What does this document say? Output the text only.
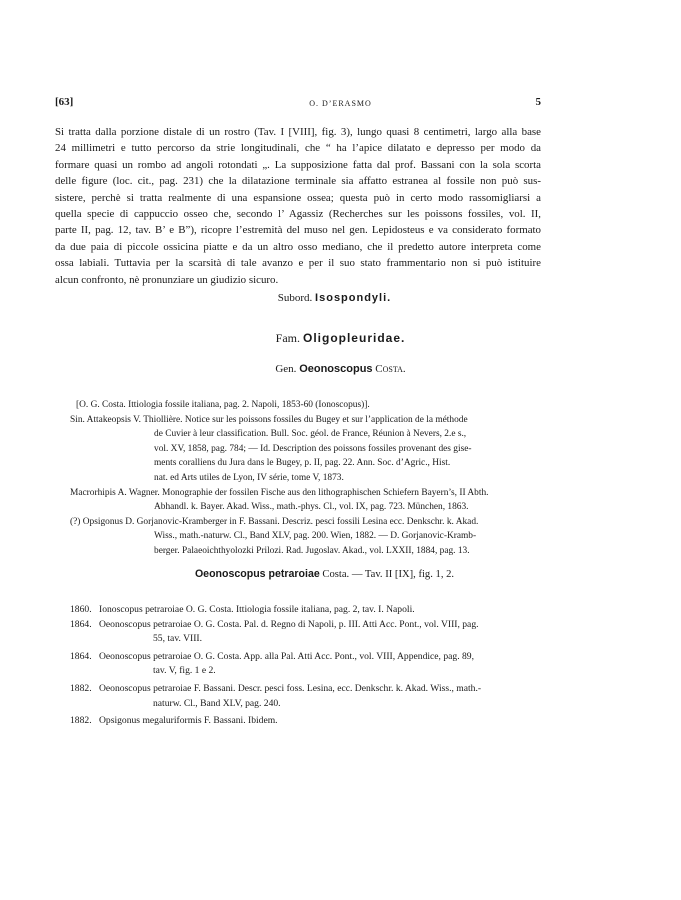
[63]	O. D’ERASMO	5
Si tratta dalla porzione distale di un rostro (Tav. I [VIII], fig. 3), lungo quasi 8 centimetri, largo alla base
24 millimetri e tutto percorso da strie longitudinali, che “ ha l’apice dilatato e depresso per modo da
formare quasi un rombo ad angoli rotondati „. La supposizione fatta dal prof. Bassani con la sola scorta
delle figure (loc. cit., pag. 231) che la dilatazione terminale sia affatto estranea al fossile non può sus-
sistere, perchè si tratta realmente di una espansione ossea; questa può in certo modo rassomigliarsi a
quella specie di cappuccio osseo che, secondo l’ Agassiz (Recherches sur les poissons fossiles, vol. II,
parte II, pag. 12, tav. B’ e B”), ricopre l’estremità del muso nel gen. Lepidosteus e va considerato formato
da due paia di piccole ossicina piatte e da un altro osso mediano, che il predetto autore interpreta come
ossa labiali. Tuttavia per la scarsità di tale avanzo e per il suo stato frammentario non si può istituire
alcun confronto, nè pronunziare un giudizio sicuro.
Subord. Isospondyli.
Fam. Oligopleuridae.
Gen. Oeonoscopus Costa.
[O. G. Costa. Ittiologia fossile italiana, pag. 2. Napoli, 1853-60 (Ionoscopus)].
Sin. Attakeopsis V. Thiollière. Notice sur les poissons fossiles du Bugey et sur l’application de la méthode
de Cuvier à leur classification. Bull. Soc. géol. de France, Réunion à Nevers, 2.e s.,
vol. XV, 1858, pag. 784; — Id. Description des poissons fossiles provenant des gise-
ments coralliens du Jura dans le Bugey, p. II, pag. 22. Ann. Soc. d’Agric., Hist.
nat. ed Arts utiles de Lyon, IV série, tome V, 1873.
Macrorhipis A. Wagner. Monographie der fossilen Fische aus den lithographischen Schiefern Bayern’s, II Abth.
Abhandl. k. Bayer. Akad. Wiss., math.-phys. Cl., vol. IX, pag. 723. München, 1863.
(?) Opsigonus D. Gorjanovic-Kramberger in F. Bassani. Descriz. pesci fossili Lesina ecc. Denkschr. k. Akad.
Wiss., math.-naturw. Cl., Band XLV, pag. 200. Wien, 1882. — D. Gorjanovic-Kramb-
berger. Palaeoichthyolozki Prilozi. Rad. Jugoslav. Akad., vol. LXXII, 1884, pag. 13.
Oeonoscopus petraroiae Costa. — Tav. II [IX], fig. 1, 2.
1860. Ionoscopus petraroiae O. G. Costa. Ittiologia fossile italiana, pag. 2, tav. I. Napoli.
1864. Oeonoscopus petraroiae O. G. Costa. Pal. d. Regno di Napoli, p. III. Atti Acc. Pont., vol. VIII, pag.
55, tav. VIII.
1864. Oeonoscopus petraroiae O. G. Costa. App. alla Pal. Atti Acc. Pont., vol. VIII, Appendice, pag. 89,
tav. V, fig. 1 e 2.
1882. Oeonoscopus petraroiae F. Bassani. Descr. pesci foss. Lesina, ecc. Denkschr. k. Akad. Wiss., math.-
naturw. Cl., Band XLV, pag. 240.
1882. Opsigonus megaluriformis F. Bassani. Ibidem.
